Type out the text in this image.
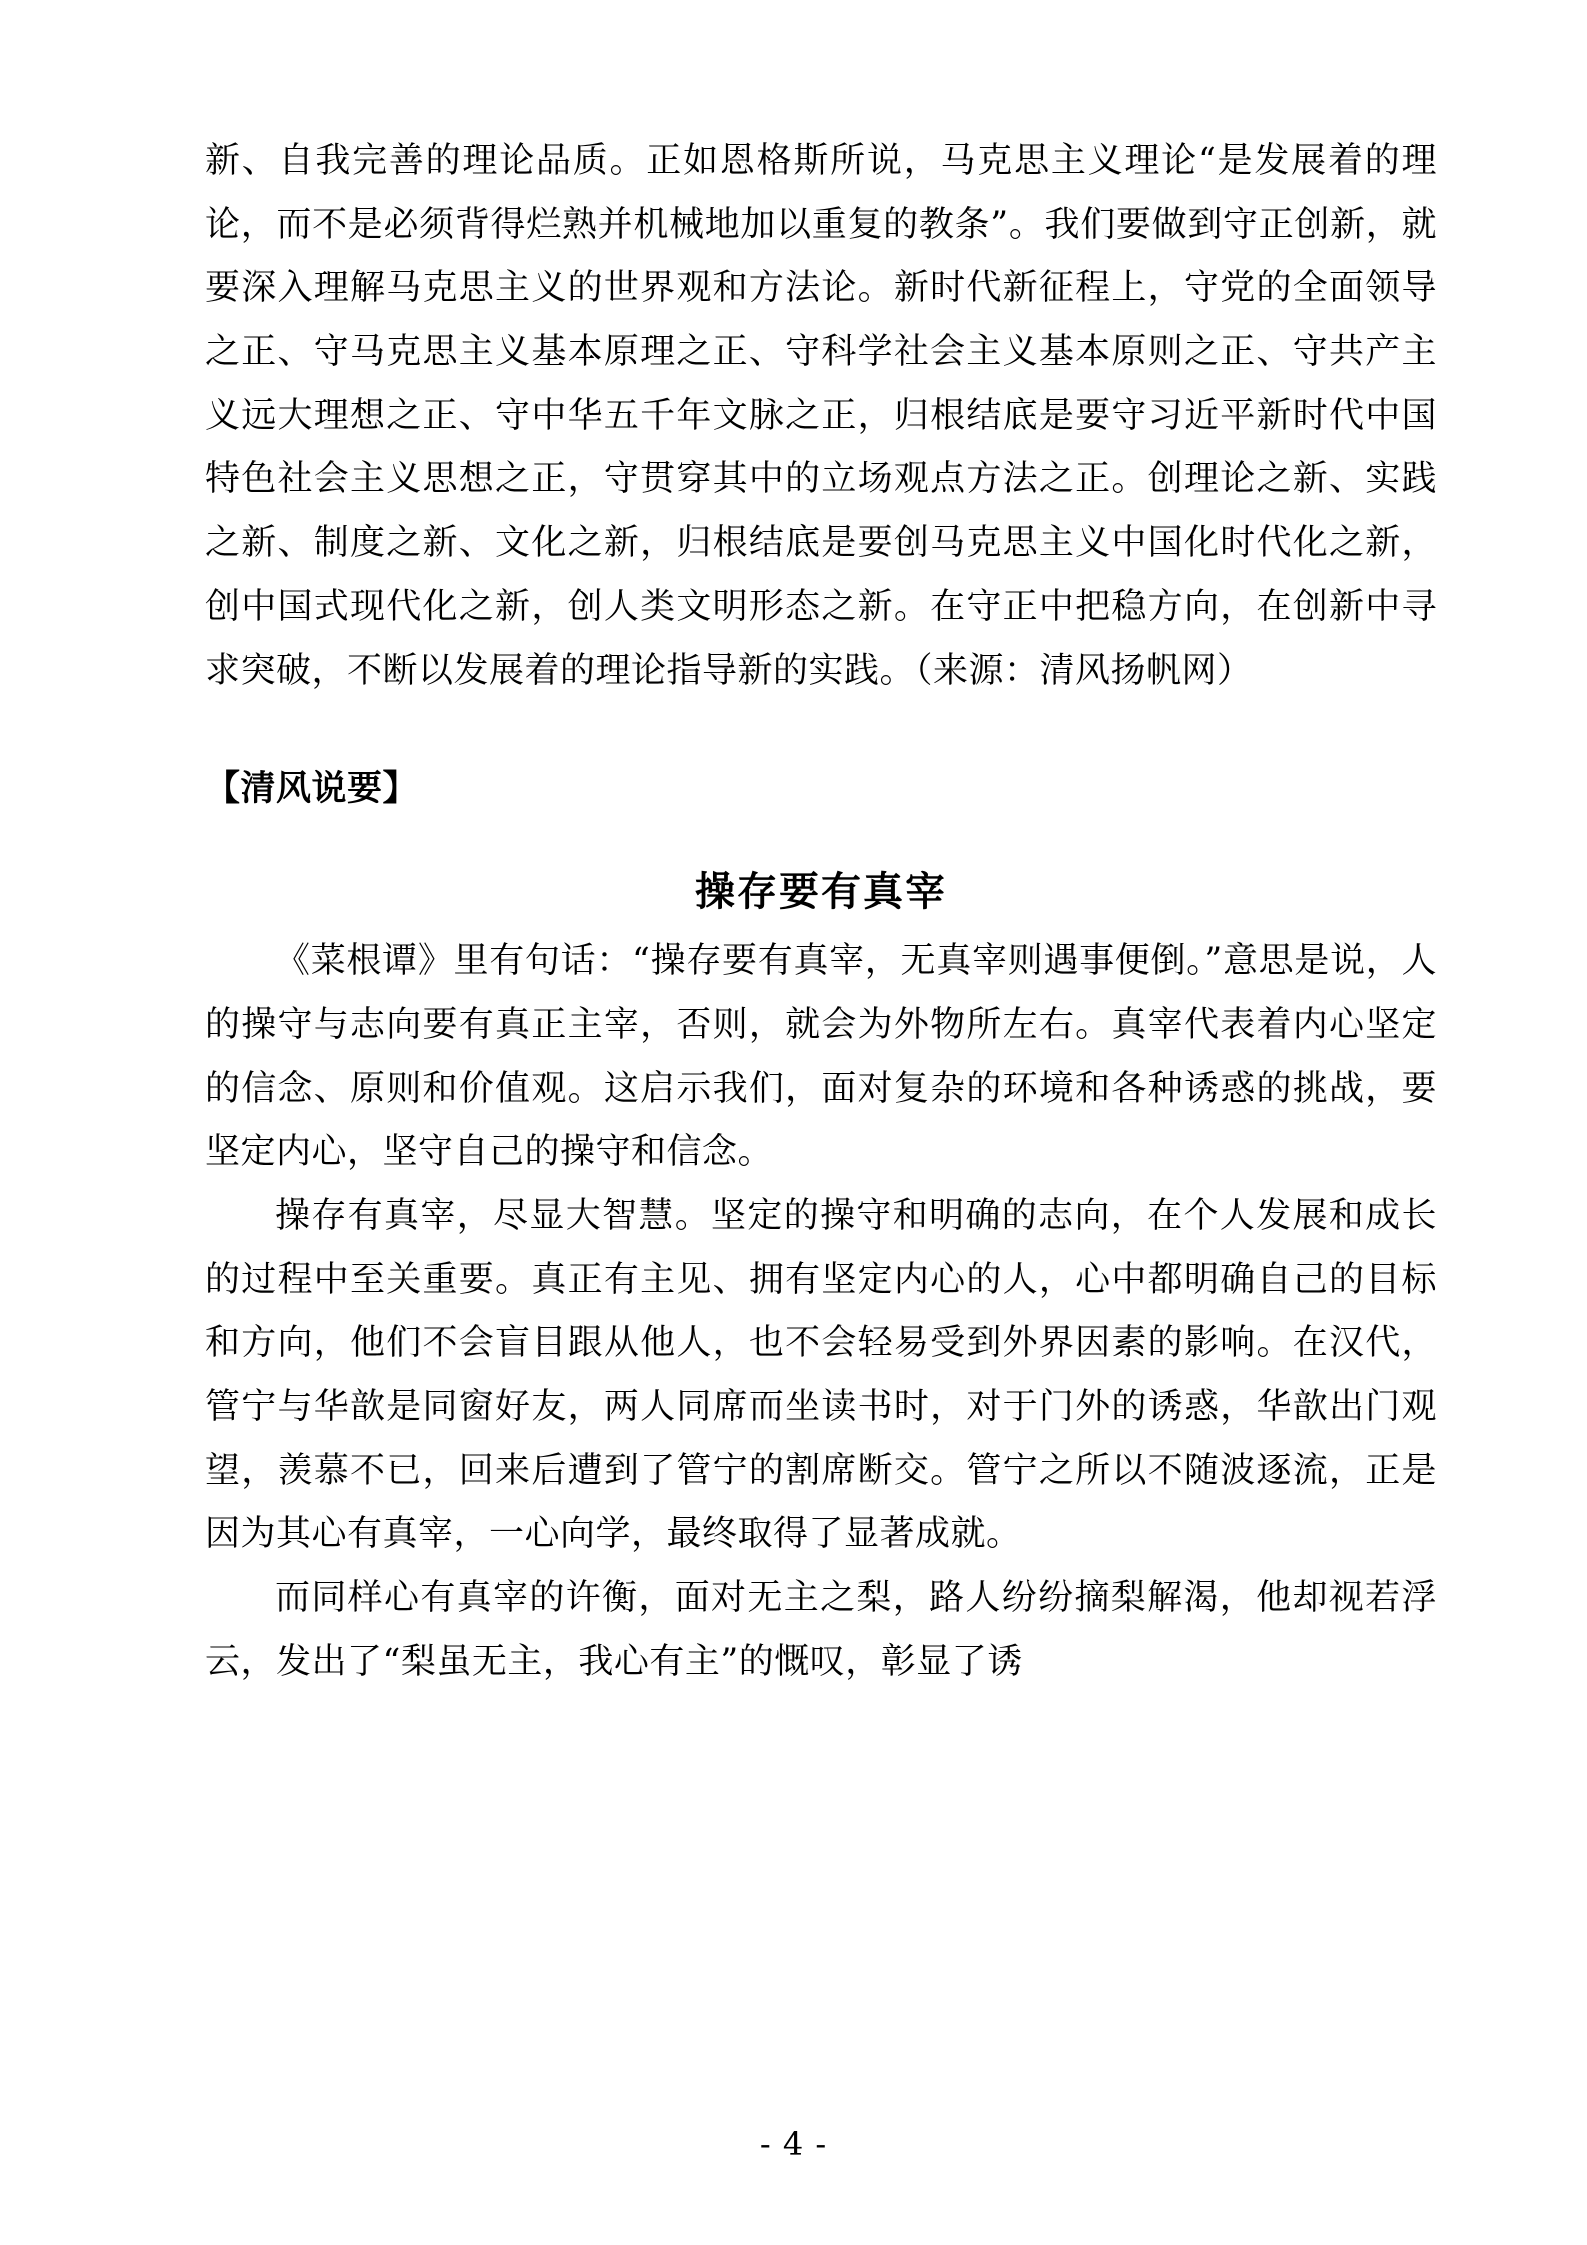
新、自我完善的理论品质。正如恩格斯所说，马克思主义理论“是发展着的理论，而不是必须背得烂熟并机械地加以重复的教条”。我们要做到守正创新，就要深入理解马克思主义的世界观和方法论。新时代新征程上，守党的全面领导之正、守马克思主义基本原理之正、守科学社会主义基本原则之正、守共产主义远大理想之正、守中华五千年文脉之正，归根结底是要守习近平新时代中国特色社会主义思想之正，守贯穿其中的立场观点方法之正。创理论之新、实践之新、制度之新、文化之新，归根结底是要创马克思主义中国化时代化之新，创中国式现代化之新，创人类文明形态之新。在守正中把稳方向，在创新中寻求突破，不断以发展着的理论指导新的实践。（来源：清风扬帆网）

【清风说要】

操存要有真宰

《菜根谭》里有句话：“操存要有真宰，无真宰则遇事便倒。”意思是说，人的操守与志向要有真正主宰，否则，就会为外物所左右。真宰代表着内心坚定的信念、原则和价值观。这启示我们，面对复杂的环境和各种诱惑的挑战，要坚定内心，坚守自己的操守和信念。

操存有真宰，尽显大智慧。坚定的操守和明确的志向，在个人发展和成长的过程中至关重要。真正有主见、拥有坚定内心的人，心中都明确自己的目标和方向，他们不会盲目跟从他人，也不会轻易受到外界因素的影响。在汉代，管宁与华歆是同窗好友，两人同席而坐读书时，对于门外的诱惑，华歆出门观望，羡慕不已，回来后遭到了管宁的割席断交。管宁之所以不随波逐流，正是因为其心有真宰，一心向学，最终取得了显著成就。

而同样心有真宰的许衡，面对无主之梨，路人纷纷摘梨解渴，他却视若浮云，发出了“梨虽无主，我心有主”的慨叹，彰显了诱

- 4 -
